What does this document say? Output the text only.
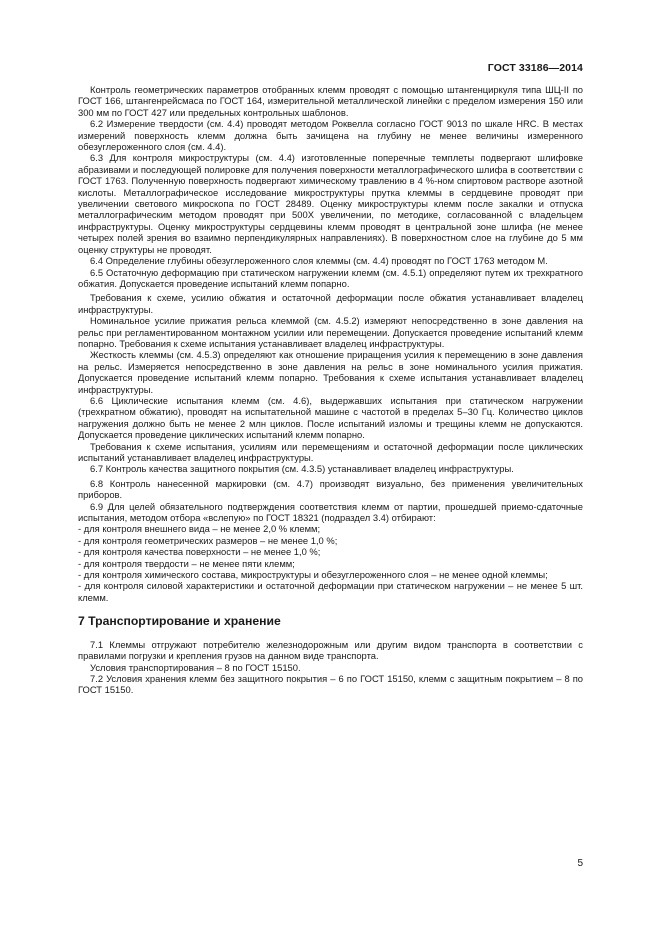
ГОСТ 33186—2014

Контроль геометрических параметров отобранных клемм проводят с помощью штангенциркуля типа ШЦ-II по ГОСТ 166, штангенрейсмаса по ГОСТ 164, измерительной металлической линейки с пределом измерения 150 или 300 мм по ГОСТ 427 или предельных контрольных шаблонов.

6.2 Измерение твердости (см. 4.4) проводят методом Роквелла согласно ГОСТ 9013 по шкале HRC. В местах измерений поверхность клемм должна быть зачищена на глубину не менее величины измеренного обезуглероженного слоя (см. 4.4).

6.3 Для контроля микроструктуры (см. 4.4) изготовленные поперечные темплеты подвергают шлифовке абразивами и последующей полировке для получения поверхности металлографического шлифа в соответствии с ГОСТ 1763. Полученную поверхность подвергают химическому травлению в 4 %-ном спиртовом растворе азотной кислоты. Металлографическое исследование микроструктуры прутка клеммы в сердцевине проводят при увеличении светового микроскопа по ГОСТ 28489. Оценку микроструктуры клемм после закалки и отпуска металлографическим методом проводят при 500Х увеличении, по методике, согласованной с владельцем инфраструктуры. Оценку микроструктуры сердцевины клемм проводят в центральной зоне шлифа (не менее четырех полей зрения во взаимно перпендикулярных направлениях). В поверхностном слое на глубине до 5 мм оценку структуры не проводят.

6.4 Определение глубины обезуглероженного слоя клеммы (см. 4.4) проводят по ГОСТ 1763 методом М.

6.5 Остаточную деформацию при статическом нагружении клемм (см. 4.5.1) определяют путем их трехкратного обжатия. Допускается проведение испытаний клемм попарно.

Требования к схеме, усилию обжатия и остаточной деформации после обжатия устанавливает владелец инфраструктуры.

Номинальное усилие прижатия рельса клеммой (см. 4.5.2) измеряют непосредственно в зоне давления на рельс при регламентированном монтажном усилии или перемещении. Допускается проведение испытаний клемм попарно. Требования к схеме испытания устанавливает владелец инфраструктуры.

Жесткость клеммы (см. 4.5.3) определяют как отношение приращения усилия к перемещению в зоне давления на рельс. Измеряется непосредственно в зоне давления на рельс в зоне номинального усилия прижатия. Допускается проведение испытаний клемм попарно. Требования к схеме испытания устанавливает владелец инфраструктуры.

6.6 Циклические испытания клемм (см. 4.6), выдержавших испытания при статическом нагружении (трехкратном обжатию), проводят на испытательной машине с частотой в пределах 5–30 Гц. Количество циклов нагружения должно быть не менее 2 млн циклов. После испытаний изломы и трещины клемм не допускаются. Допускается проведение циклических испытаний клемм попарно.

Требования к схеме испытания, усилиям или перемещениям и остаточной деформации после циклических испытаний устанавливает владелец инфраструктуры.

6.7 Контроль качества защитного покрытия (см. 4.3.5) устанавливает владелец инфраструктуры.

6.8 Контроль нанесенной маркировки (см. 4.7) производят визуально, без применения увеличительных приборов.

6.9 Для целей обязательного подтверждения соответствия клемм от партии, прошедшей приемо-сдаточные испытания, методом отбора «вслепую» по ГОСТ 18321 (подраздел 3.4) отбирают:

- для контроля внешнего вида – не менее 2,0 % клемм;

- для контроля геометрических размеров – не менее 1,0 %;

- для контроля качества поверхности – не менее 1,0 %;

- для контроля твердости – не менее пяти клемм;

- для контроля химического состава, микроструктуры и обезуглероженного слоя – не менее одной клеммы;

- для контроля силовой характеристики и остаточной деформации при статическом нагружении – не менее 5 шт. клемм.

7 Транспортирование и хранение

7.1 Клеммы отгружают потребителю железнодорожным или другим видом транспорта в соответствии с правилами погрузки и крепления грузов на данном виде транспорта.

Условия транспортирования – 8 по ГОСТ 15150.

7.2 Условия хранения клемм без защитного покрытия – 6 по ГОСТ 15150, клемм с защитным покрытием – 8 по ГОСТ 15150.

5
